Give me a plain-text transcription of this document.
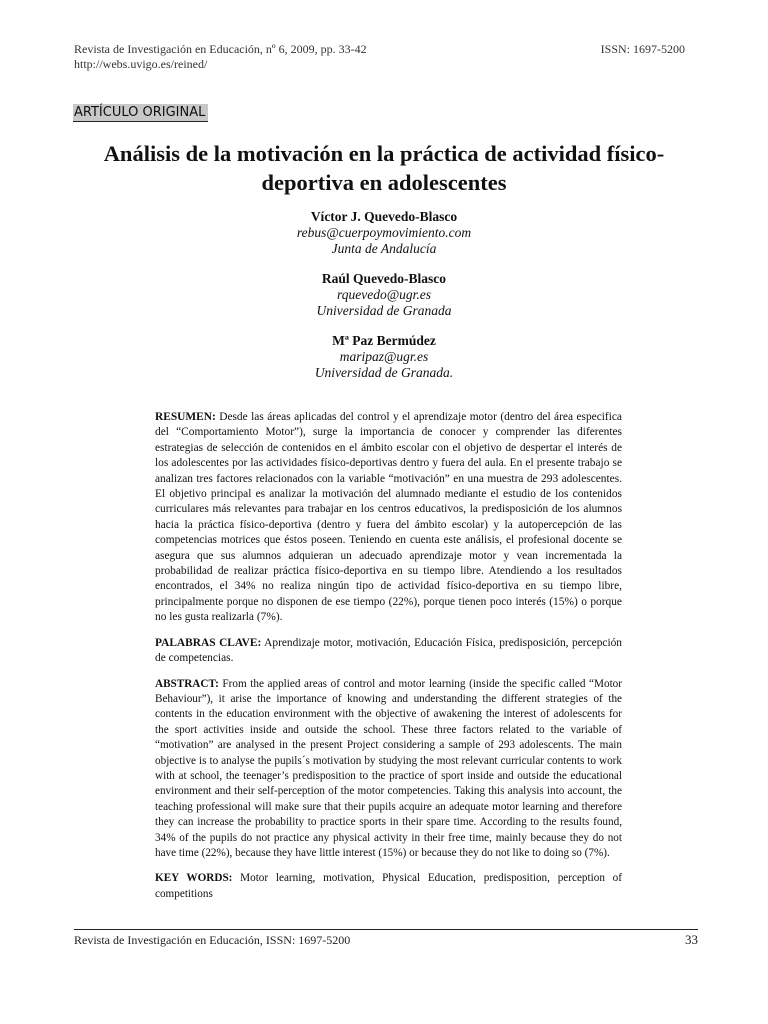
Revista de Investigación en Educación, nº 6, 2009, pp. 33-42	ISSN: 1697-5200
http://webs.uvigo.es/reined/
ARTÍCULO ORIGINAL
Análisis de la motivación en la práctica de actividad físico-deportiva en adolescentes
Víctor J. Quevedo-Blasco
rebus@cuerpoymovimiento.com
Junta de Andalucía
Raúl Quevedo-Blasco
rquevedo@ugr.es
Universidad de Granada
Mª Paz Bermúdez
maripaz@ugr.es
Universidad de Granada.

RESUMEN: Desde las áreas aplicadas del control y el aprendizaje motor (dentro del área especifica del “Comportamiento Motor”), surge la importancia de conocer y comprender las diferentes estrategias de selección de contenidos en el ámbito escolar con el objetivo de despertar el interés de los adolescentes por las actividades físico-deportivas dentro y fuera del aula. En el presente trabajo se analizan tres factores relacionados con la variable “motivación” en una muestra de 293 adolescentes. El objetivo principal es analizar la motivación del alumnado mediante el estudio de los contenidos curriculares más relevantes para trabajar en los centros educativos, la predisposición de los alumnos hacia la práctica físico-deportiva (dentro y fuera del ámbito escolar) y la autopercepción de las competencias motrices que éstos poseen. Teniendo en cuenta este análisis, el profesional docente se asegura que sus alumnos adquieran un adecuado aprendizaje motor y vean incrementada la probabilidad de realizar práctica físico-deportiva en su tiempo libre. Atendiendo a los resultados encontrados, el 34% no realiza ningún tipo de actividad físico-deportiva en su tiempo libre, principalmente porque no disponen de ese tiempo (22%), porque tienen poco interés (15%) o porque no les gusta realizarla (7%).

PALABRAS CLAVE: Aprendizaje motor, motivación, Educación Física, predisposición, percepción de competencias.

ABSTRACT: From the applied areas of control and motor learning (inside the specific called “Motor Behaviour”), it arise the importance of knowing and understanding the different strategies of the contents in the education environment with the objective of awakening the interest of adolescents for the sport activities inside and outside the school. These three factors related to the variable of “motivation” are analysed in the present Project considering a sample of 293 adolescents. The main objective is to analyse the pupils´s motivation by studying the most relevant curricular contents to work with at school, the teenager’s predisposition to the practice of sport inside and outside the educational environment and their self-perception of the motor competencies. Taking this analysis into account, the teaching professional will make sure that their pupils acquire an adequate motor learning and therefore they can increase the probability to practice sports in their spare time. According to the results found, 34% of the pupils do not practice any physical activity in their free time, mainly because they do not have time (22%), because they have little interest (15%) or because they do not like to doing so (7%).

KEY WORDS: Motor learning, motivation, Physical Education, predisposition, perception of competitions

Revista de Investigación en Educación, ISSN: 1697-5200	33
